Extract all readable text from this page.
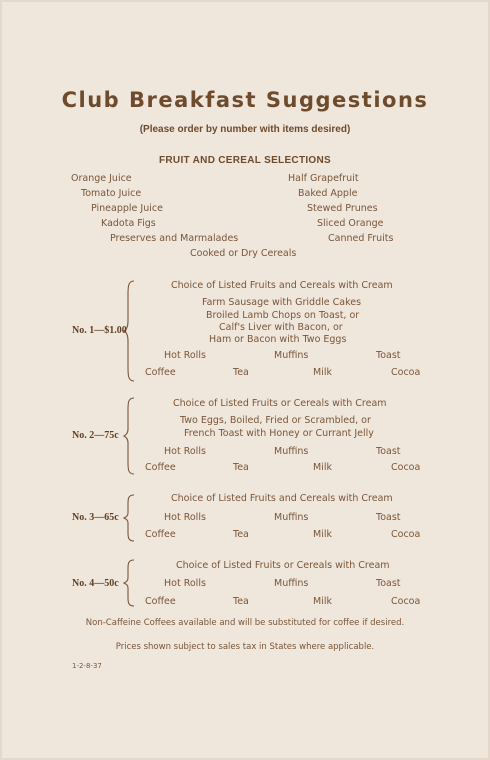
Club Breakfast Suggestions
(Please order by number with items desired)
FRUIT AND CEREAL SELECTIONS
Orange Juice
Tomato Juice
Pineapple Juice
Kadota Figs
Preserves and Marmalades
Half Grapefruit
Baked Apple
Stewed Prunes
Sliced Orange
Canned Fruits
Cooked or Dry Cereals
No. 1—$1.00
Choice of Listed Fruits and Cereals with Cream
Farm Sausage with Griddle Cakes
Broiled Lamb Chops on Toast, or
Calf's Liver with Bacon, or
Ham or Bacon with Two Eggs
Hot Rolls	Muffins	Toast
Coffee	Tea	Milk	Cocoa
No. 2—75c
Choice of Listed Fruits or Cereals with Cream
Two Eggs, Boiled, Fried or Scrambled, or
French Toast with Honey or Currant Jelly
Hot Rolls	Muffins	Toast
Coffee	Tea	Milk	Cocoa
No. 3—65c
Choice of Listed Fruits and Cereals with Cream
Hot Rolls	Muffins	Toast
Coffee	Tea	Milk	Cocoa
No. 4—50c
Choice of Listed Fruits or Cereals with Cream
Hot Rolls	Muffins	Toast
Coffee	Tea	Milk	Cocoa
Non-Caffeine Coffees available and will be substituted for coffee if desired.
Prices shown subject to sales tax in States where applicable.
1-2-8-37
